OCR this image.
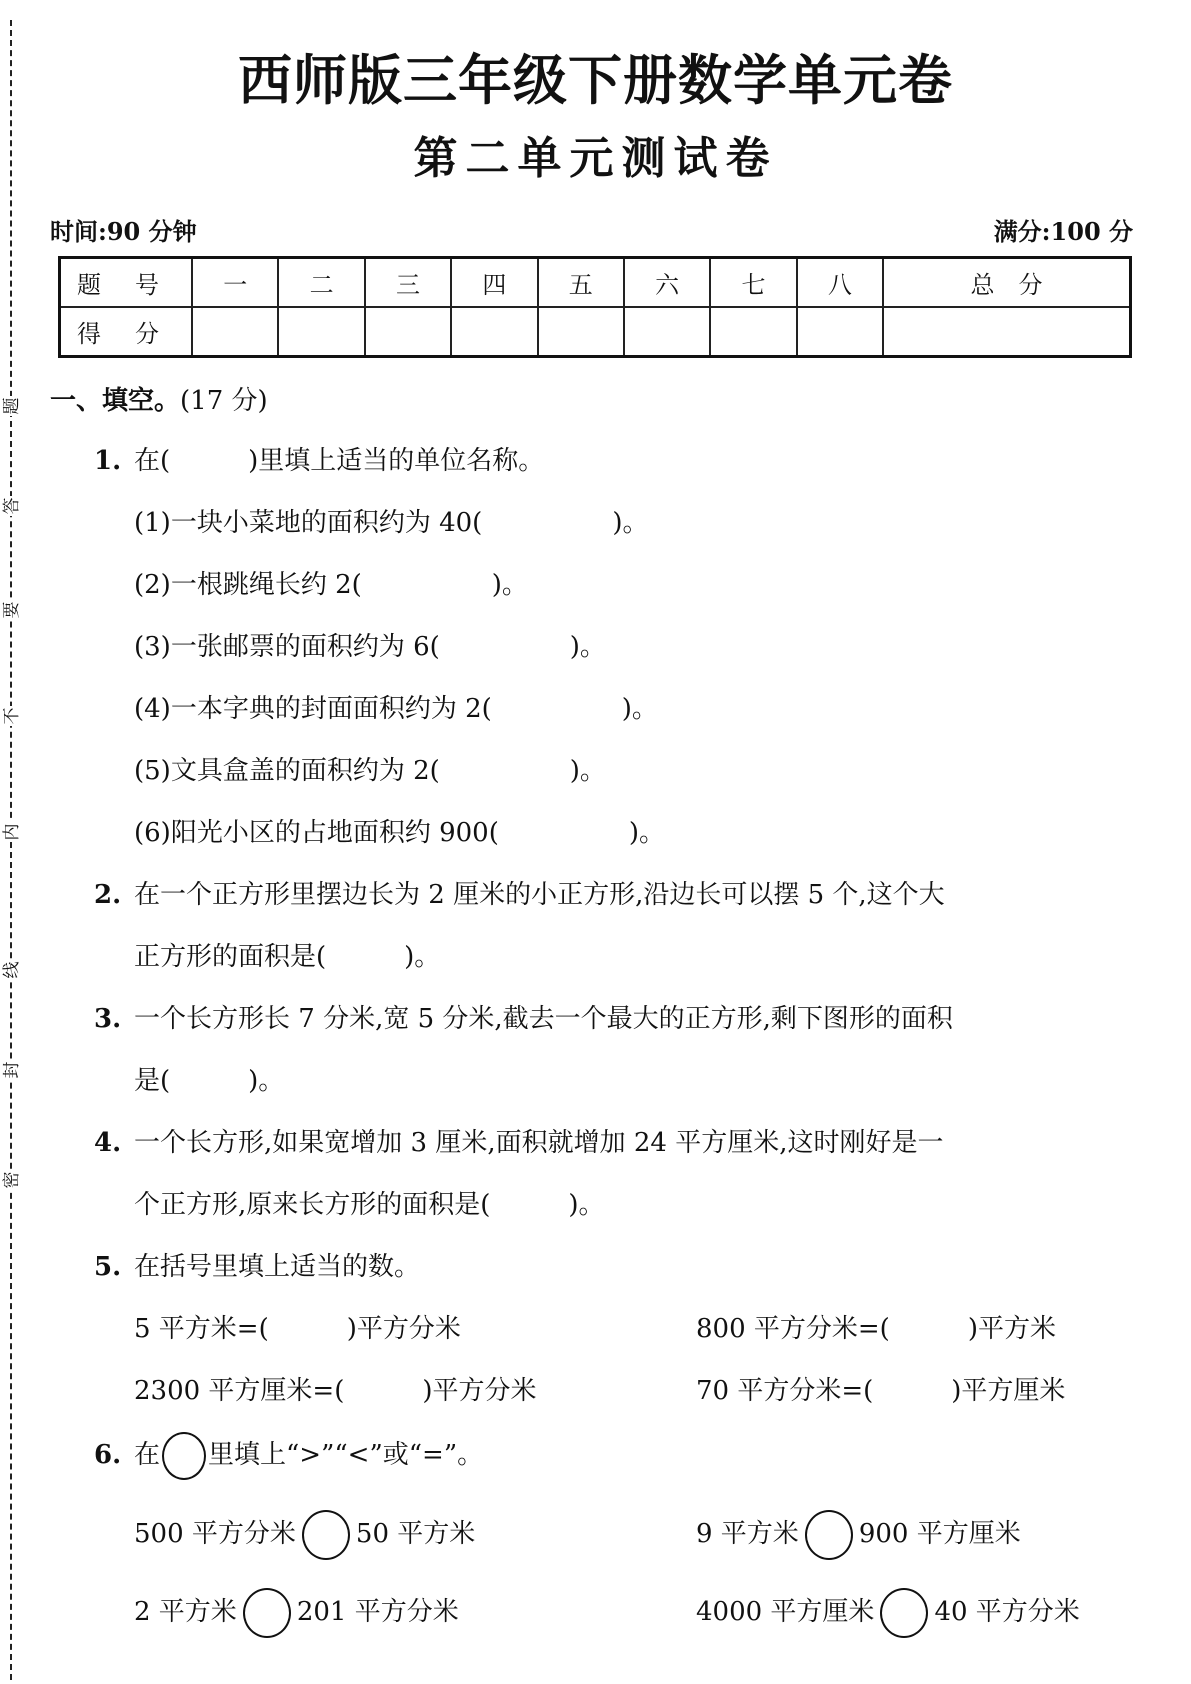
题
答
要
不
内
线
封
密
西师版三年级下册数学单元卷
第二单元测试卷
时间:90 分钟	满分:100 分
题 号	一	二	三	四	五	六	七	八	总　分
得 分									
一、填空。(17 分)
1. 在(　　　)里填上适当的单位名称。
(1)一块小菜地的面积约为 40(　　　　　)。
(2)一根跳绳长约 2(　　　　　)。
(3)一张邮票的面积约为 6(　　　　　)。
(4)一本字典的封面面积约为 2(　　　　　)。
(5)文具盒盖的面积约为 2(　　　　　)。
(6)阳光小区的占地面积约 900(　　　　　)。
2. 在一个正方形里摆边长为 2 厘米的小正方形,沿边长可以摆 5 个,这个大
正方形的面积是(　　　)。
3. 一个长方形长 7 分米,宽 5 分米,截去一个最大的正方形,剩下图形的面积
是(　　　)。
4. 一个长方形,如果宽增加 3 厘米,面积就增加 24 平方厘米,这时刚好是一
个正方形,原来长方形的面积是(　　　)。
5. 在括号里填上适当的数。
5 平方米=(　　　)平方分米	800 平方分米=(　　　)平方米
2300 平方厘米=(　　　)平方分米	70 平方分米=(　　　)平方厘米
6. 在 里填上“>”“<”或“=”。
500 平方分米 50 平方米	9 平方米 900 平方厘米
2 平方米 201 平方分米	4000 平方厘米 40 平方分米
